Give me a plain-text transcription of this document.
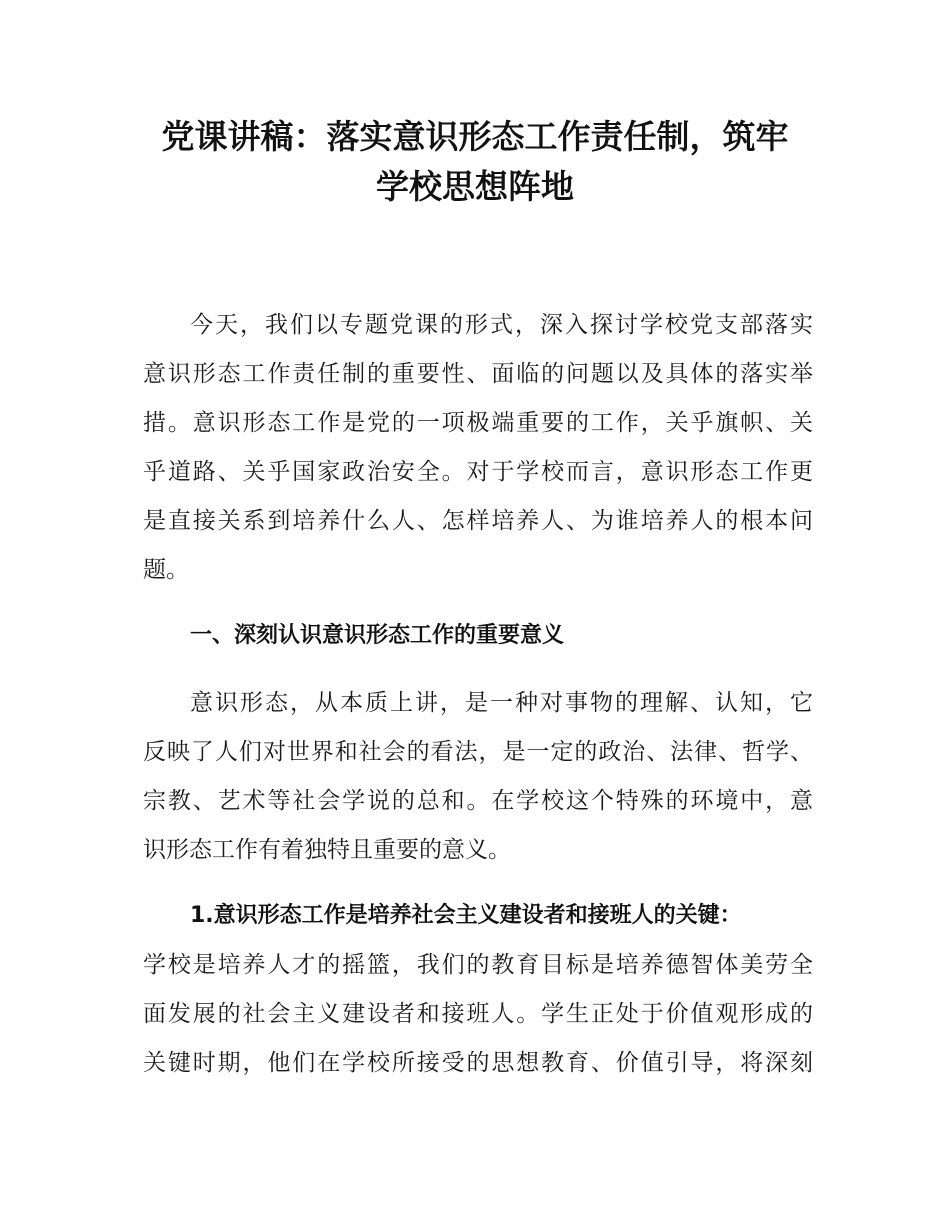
党课讲稿：落实意识形态工作责任制，筑牢
学校思想阵地
今天，我们以专题党课的形式，深入探讨学校党支部落实
意识形态工作责任制的重要性、面临的问题以及具体的落实举
措。意识形态工作是党的一项极端重要的工作，关乎旗帜、关
乎道路、关乎国家政治安全。对于学校而言，意识形态工作更
是直接关系到培养什么人、怎样培养人、为谁培养人的根本问
题。
一、深刻认识意识形态工作的重要意义
意识形态，从本质上讲，是一种对事物的理解、认知，它
反映了人们对世界和社会的看法，是一定的政治、法律、哲学、
宗教、艺术等社会学说的总和。在学校这个特殊的环境中，意
识形态工作有着独特且重要的意义。
1.意识形态工作是培养社会主义建设者和接班人的关键：
学校是培养人才的摇篮，我们的教育目标是培养德智体美劳全
面发展的社会主义建设者和接班人。学生正处于价值观形成的
关键时期，他们在学校所接受的思想教育、价值引导，将深刻
